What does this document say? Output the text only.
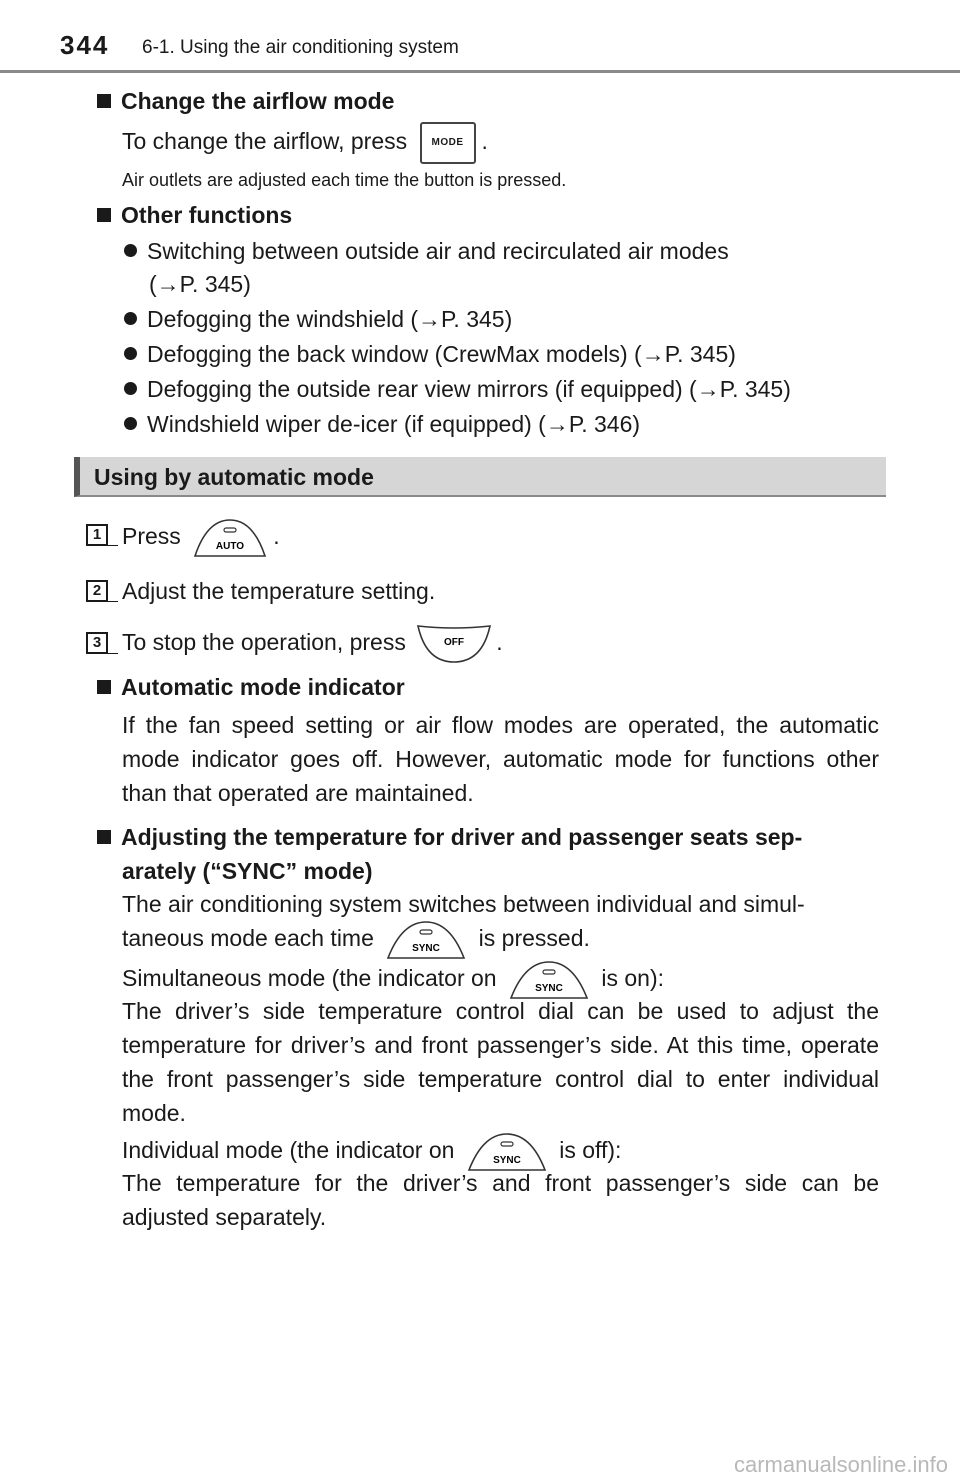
344 6-1. Using the air conditioning system
Change the airflow mode
To change the airflow, press	MODE .
Air outlets are adjusted each time the button is pressed.
Other functions
Switching between outside air and recirculated air modes
(→P. 345)
Defogging the windshield (→P. 345)
Defogging the back window (CrewMax models) (→P. 345)
Defogging the outside rear view mirrors (if equipped) (→P. 345)
Windshield wiper de-icer (if equipped) (→P. 346)
Using by automatic mode
1 Press	AUTO .
2 Adjust the temperature setting.
3 To stop the operation, press	OFF .
Automatic mode indicator
If the fan speed setting or air flow modes are operated, the automatic mode indicator goes off. However, automatic mode for functions other than that operated are maintained.
Adjusting the temperature for driver and passenger seats sep-
arately (“SYNC” mode)
The air conditioning system switches between individual and simul-
taneous mode each time	SYNC is pressed.
Simultaneous mode (the indicator on	SYNC is on):
The driver’s side temperature control dial can be used to adjust the temperature for driver’s and front passenger’s side. At this time, operate the front passenger’s side temperature control dial to enter individual mode.
Individual mode (the indicator on	SYNC is off):
The temperature for the driver’s and front passenger’s side can be adjusted separately.
carmanualsonline.info
